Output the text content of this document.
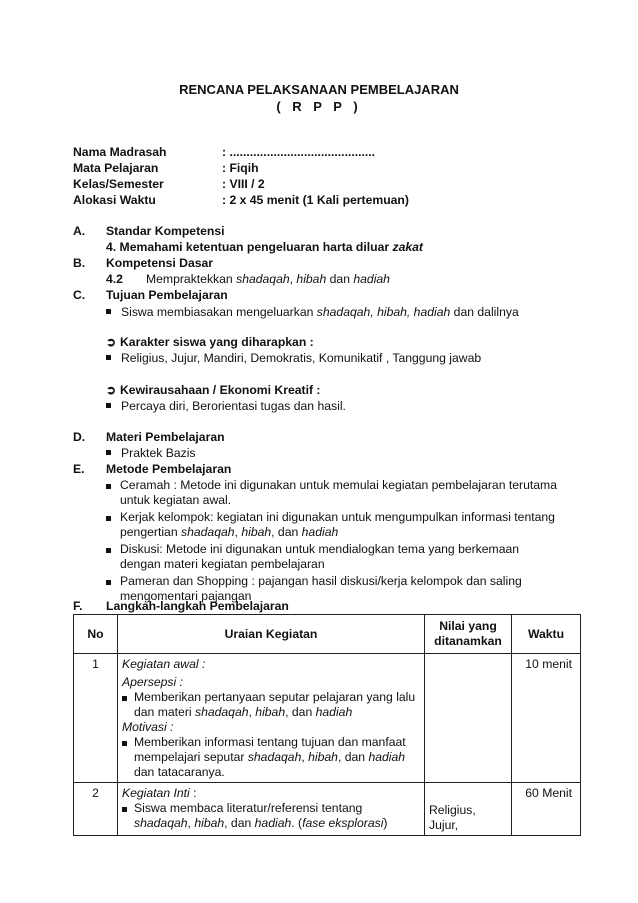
RENCANA PELAKSANAAN PEMBELAJARAN
( R P P )
Nama Madrasah	: ...........................................
Mata Pelajaran	: Fiqih
Kelas/Semester	: VIII / 2
Alokasi Waktu	: 2 x 45 menit (1 Kali pertemuan)
A. Standar Kompetensi
4. Memahami ketentuan pengeluaran harta diluar zakat
B. Kompetensi Dasar
4.2 Mempraktekkan shadaqah, hibah dan hadiah
C. Tujuan Pembelajaran
Siswa membiasakan mengeluarkan shadaqah, hibah, hadiah dan dalilnya
➲ Karakter siswa yang diharapkan :
Religius, Jujur, Mandiri, Demokratis, Komunikatif , Tanggung jawab
➲ Kewirausahaan / Ekonomi Kreatif :
Percaya diri, Berorientasi tugas dan hasil.
D. Materi Pembelajaran
Praktek Bazis
E. Metode Pembelajaran
Ceramah : Metode ini digunakan untuk memulai kegiatan pembelajaran terutama untuk kegiatan awal.
Kerjak kelompok: kegiatan ini digunakan untuk mengumpulkan informasi tentang pengertian shadaqah, hibah, dan hadiah
Diskusi: Metode ini digunakan untuk mendialogkan tema yang berkemaan dengan materi kegiatan pembelajaran
Pameran dan Shopping : pajangan hasil diskusi/kerja kelompok dan saling mengomentari pajangan
F. Langkah-langkah Pembelajaran
No	Uraian Kegiatan	Nilai yang ditanamkan	Waktu

1	Kegiatan awal :
Apersepsi :
Memberikan pertanyaan seputar pelajaran yang lalu dan materi shadaqah, hibah, dan hadiah
Motivasi :
Memberikan informasi tentang tujuan dan manfaat mempelajari seputar shadaqah, hibah, dan hadiah dan tatacaranya.		10 menit

2	Kegiatan Inti :
Siswa membaca literatur/referensi tentang shadaqah, hibah, dan hadiah. (fase eksplorasi)	Religius, Jujur,	60 Menit
